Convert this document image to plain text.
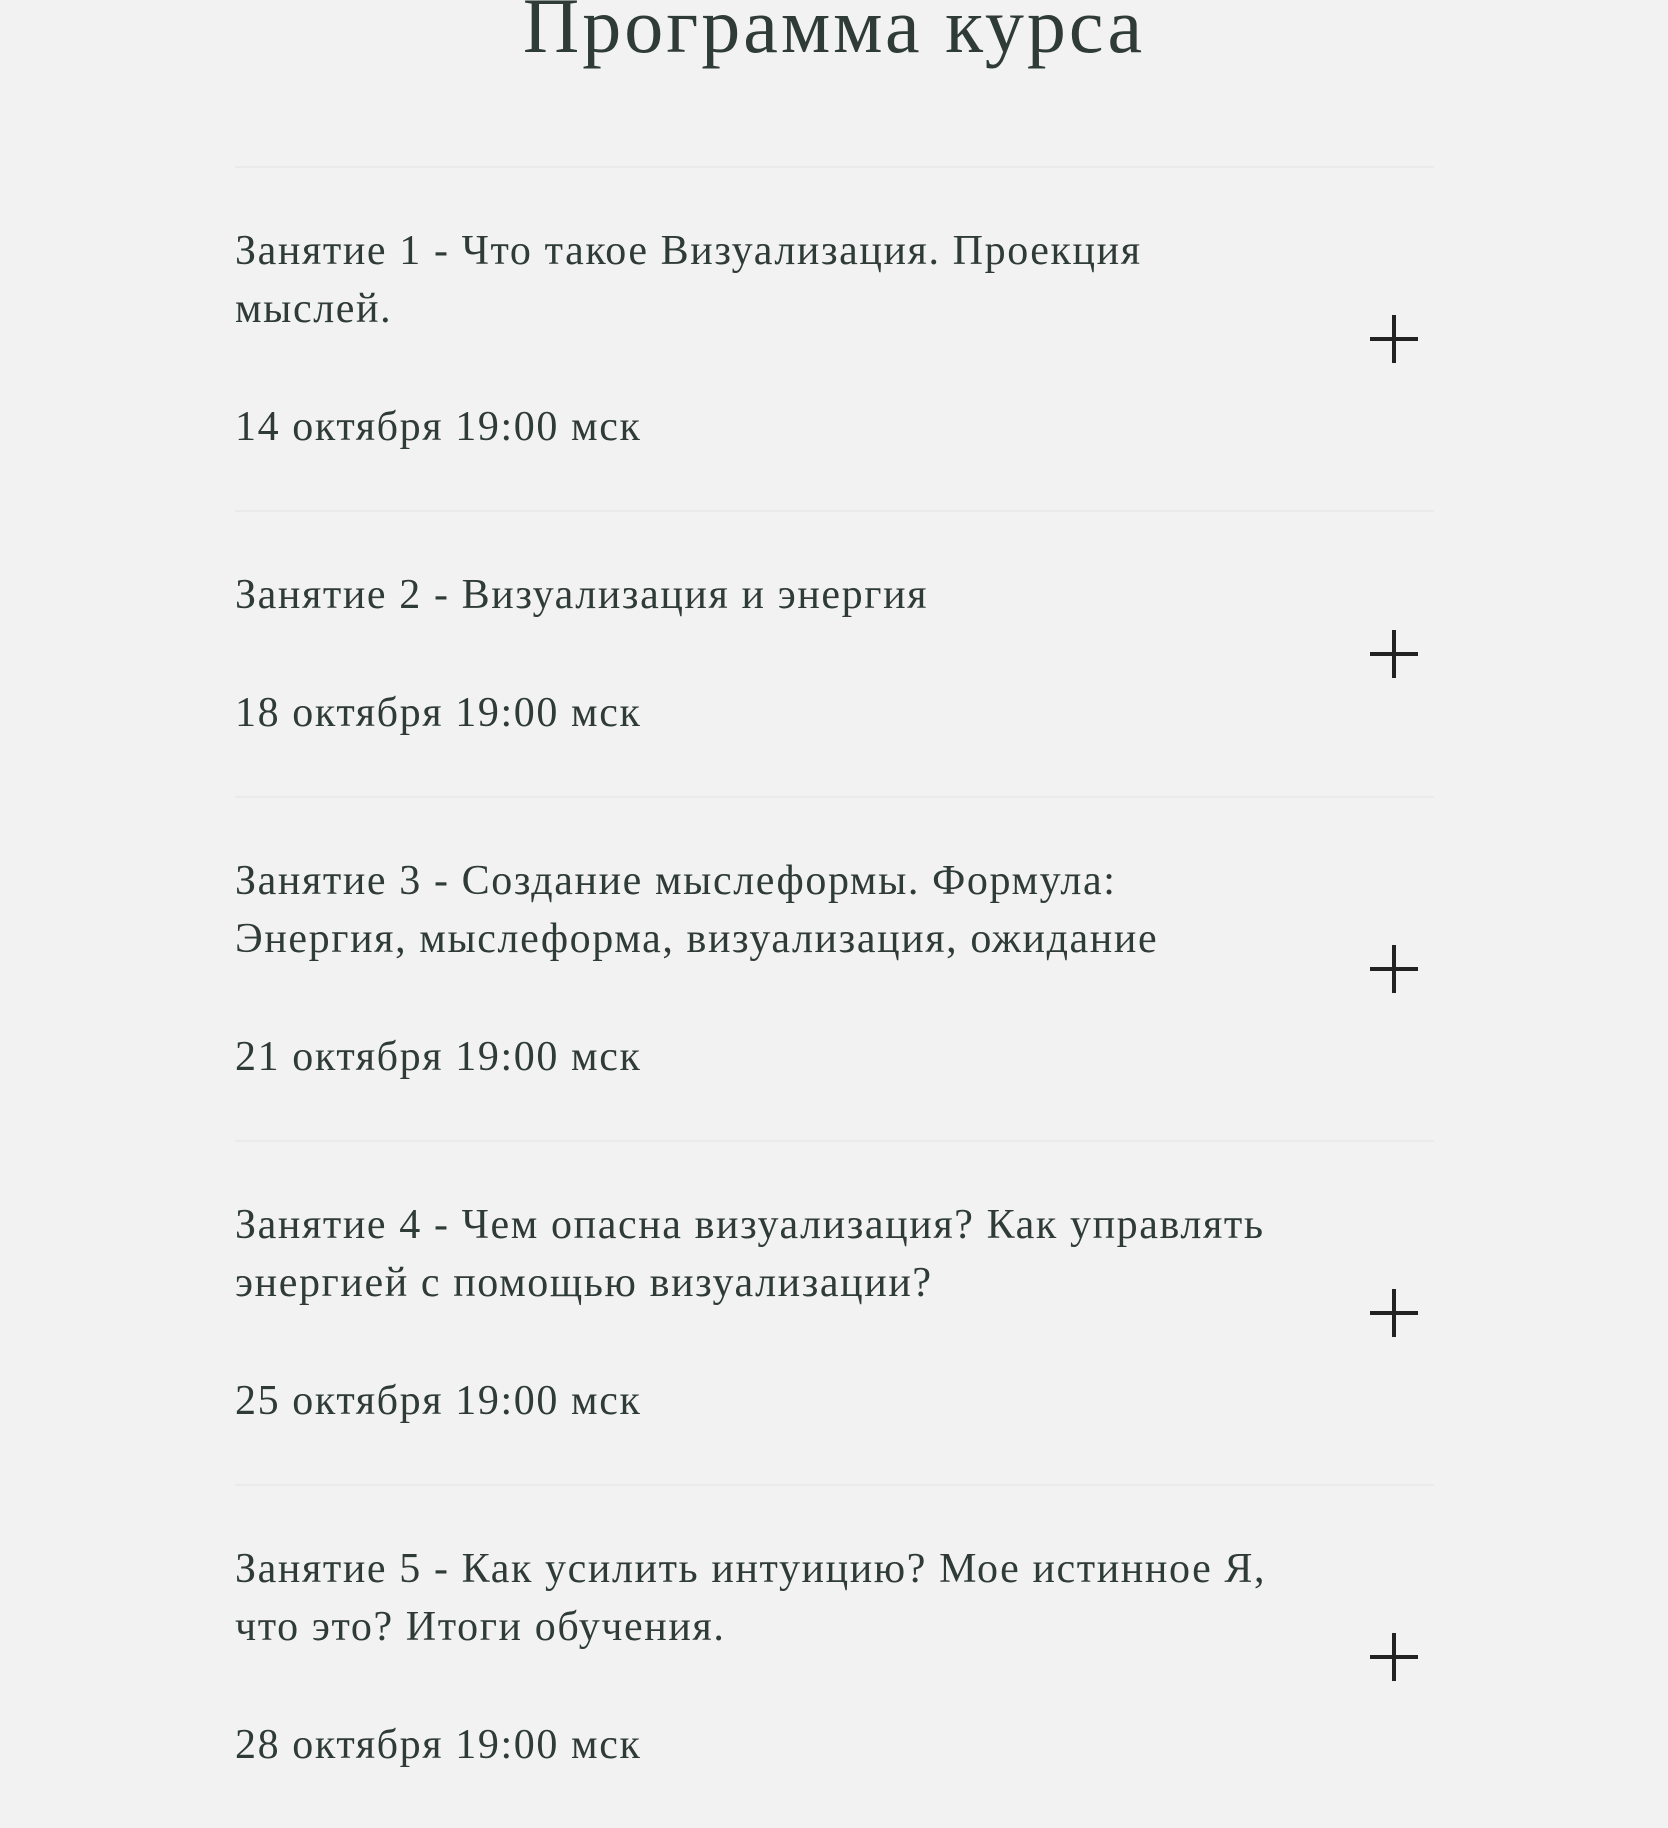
Программа курса
Занятие 1 - Что такое Визуализация. Проекция
мыслей.
14 октября 19:00 мск
Занятие 2 - Визуализация и энергия
18 октября 19:00 мск
Занятие 3 - Создание мыслеформы. Формула:
Энергия, мыслеформа, визуализация, ожидание
21 октября 19:00 мск
Занятие 4 - Чем опасна визуализация? Как управлять
энергией с помощью визуализации?
25 октября 19:00 мск
Занятие 5 - Как усилить интуицию? Мое истинное Я,
что это? Итоги обучения.
28 октября 19:00 мск
